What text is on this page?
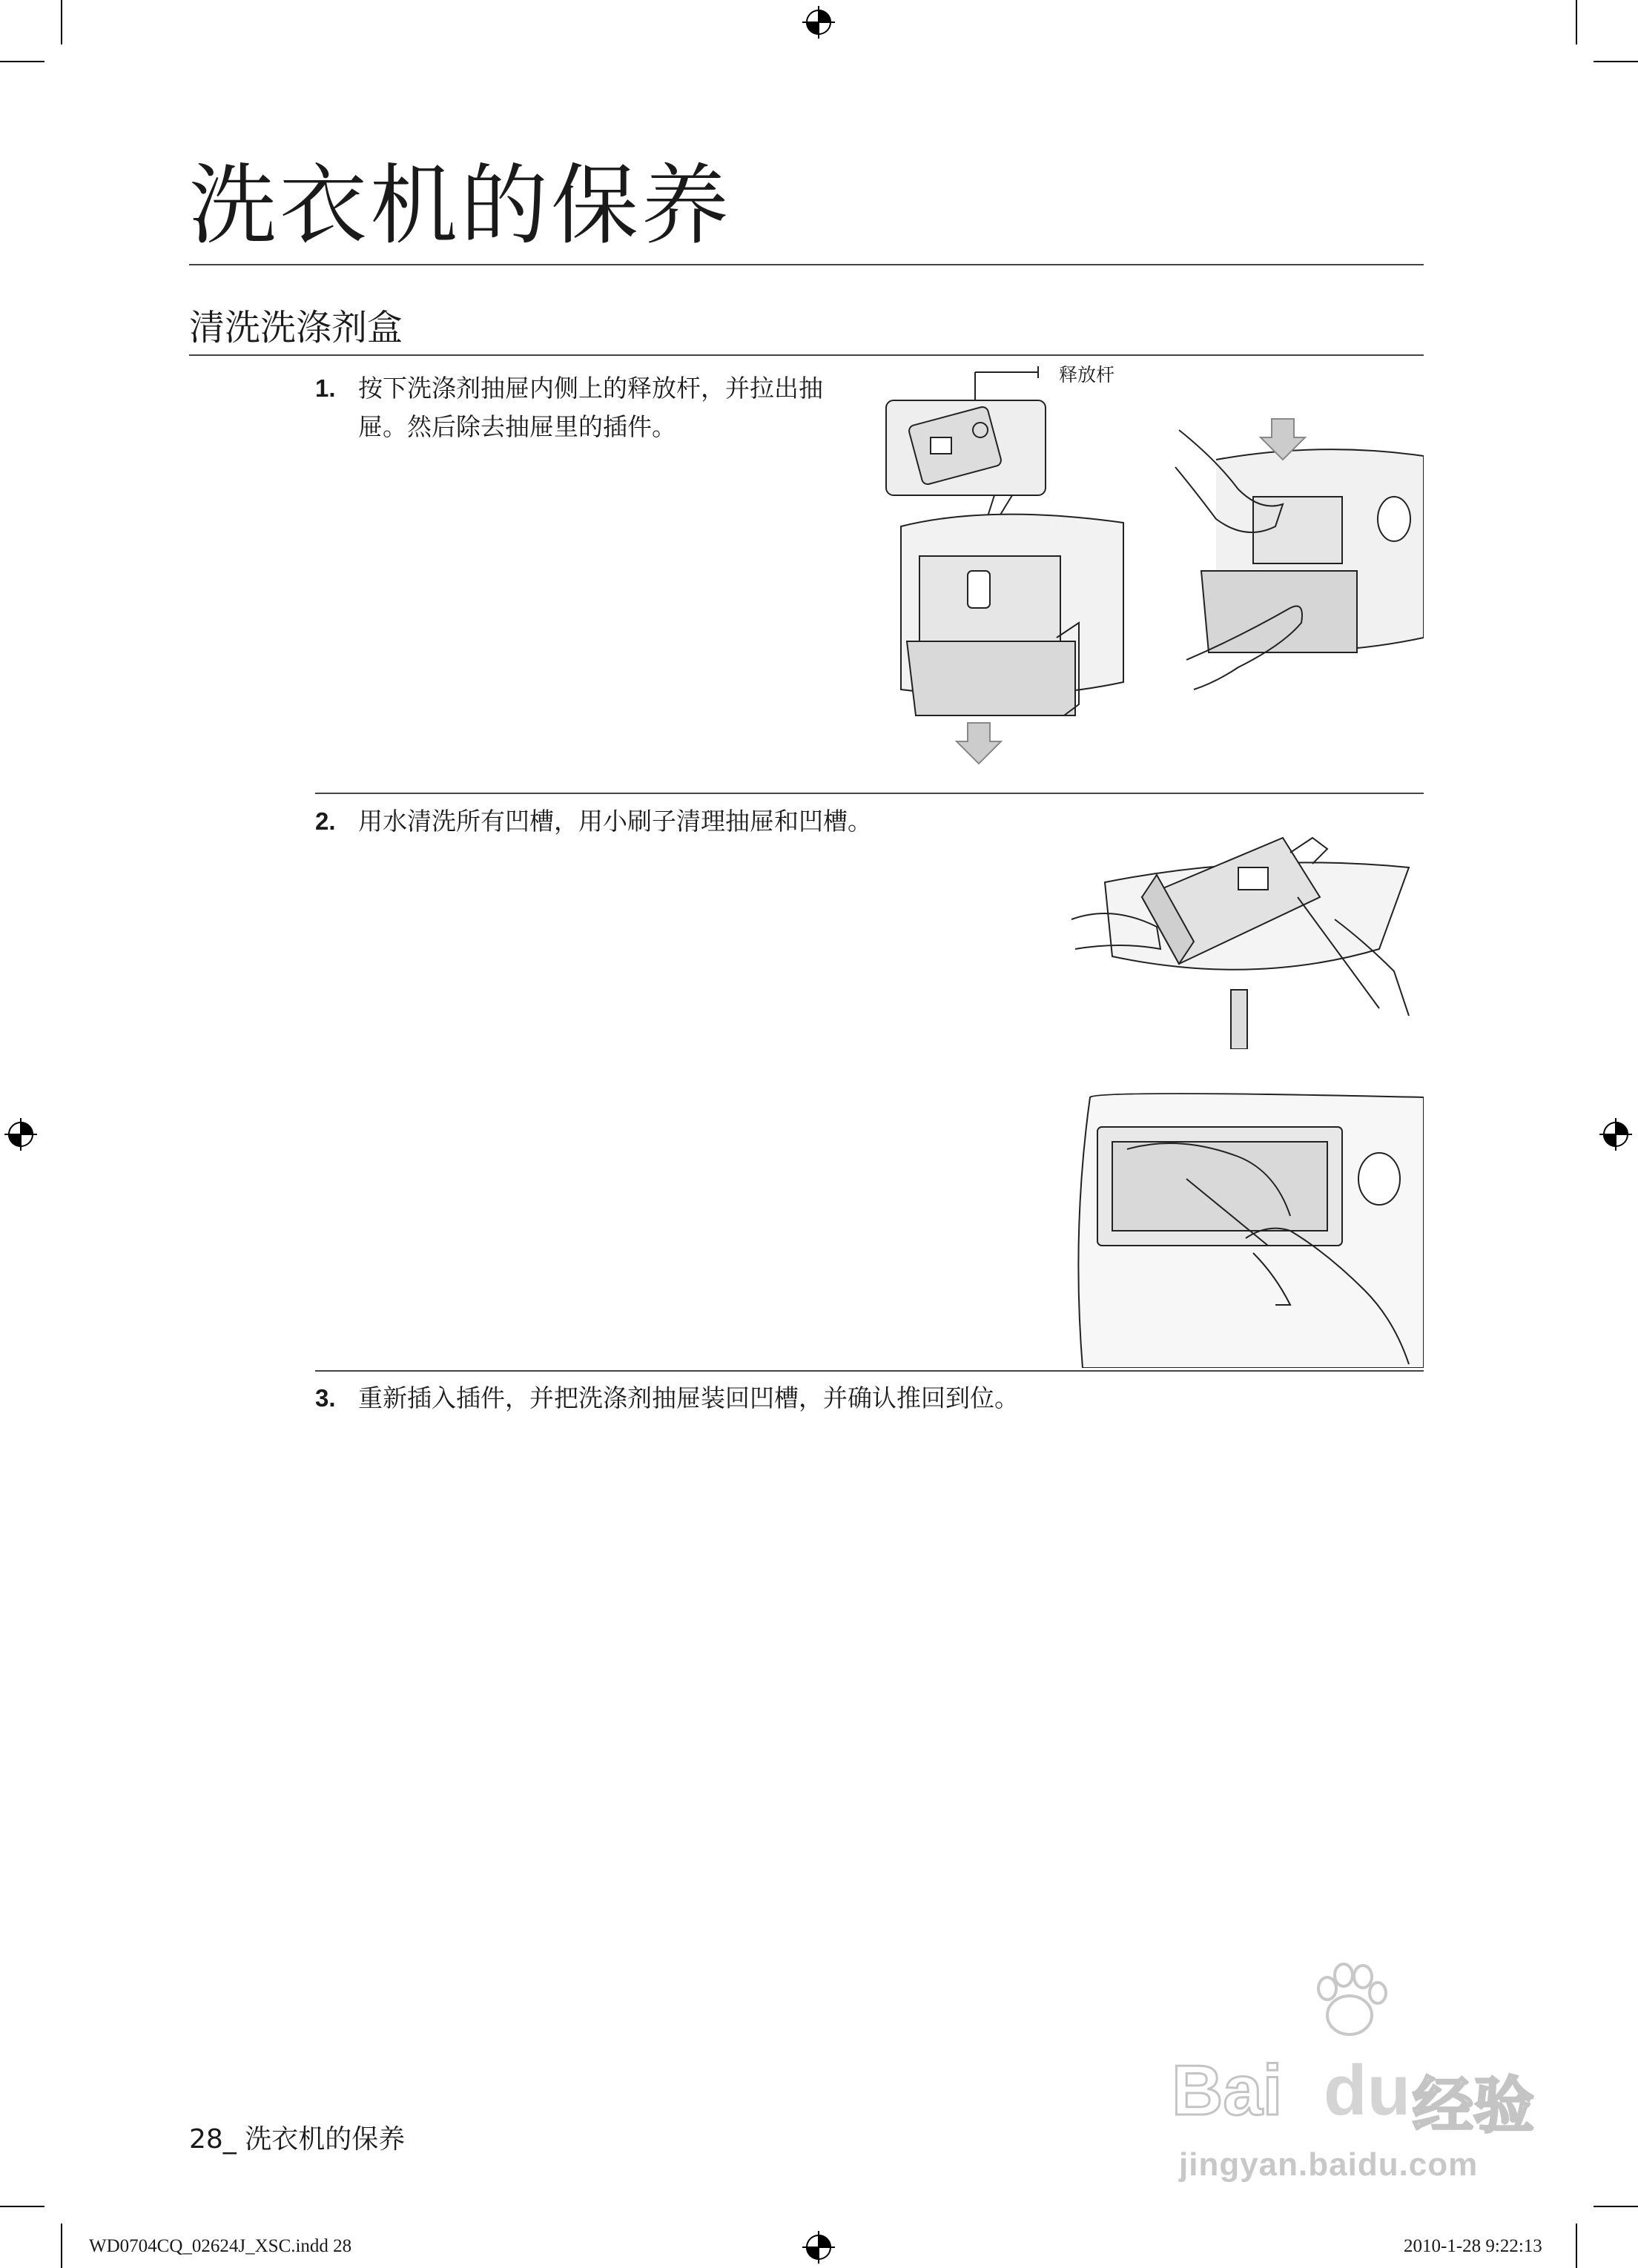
洗衣机的保养
清洗洗涤剂盒
1. 按下洗涤剂抽屉内侧上的释放杆，并拉出抽
屉。然后除去抽屉里的插件。
释放杆
2. 用水清洗所有凹槽，用小刷子清理抽屉和凹槽。
3. 重新插入插件，并把洗涤剂抽屉装回凹槽，并确认推回到位。
Bai du 经验
jingyan.baidu.com
28_ 洗衣机的保养
WD0704CQ_02624J_XSC.indd 28	2010-1-28 9:22:13
